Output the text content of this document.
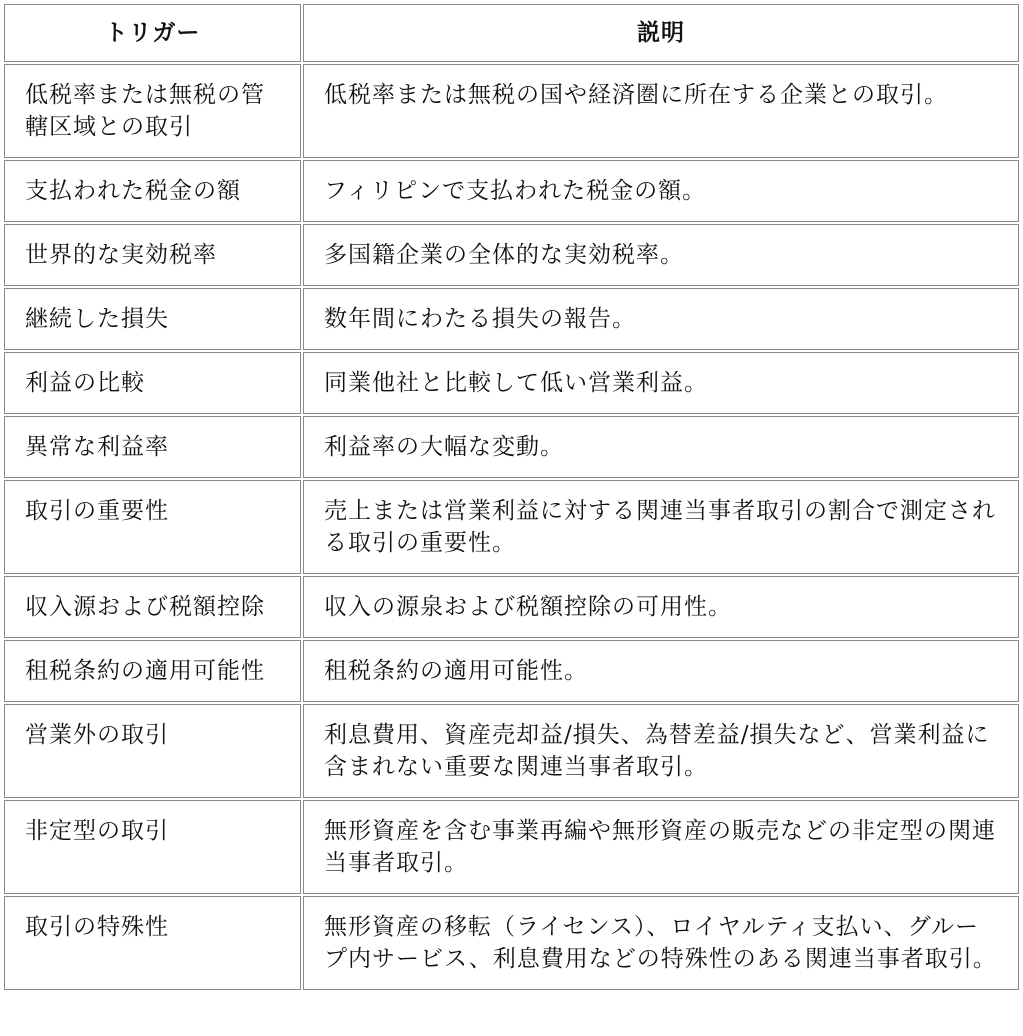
トリガー	説明
低税率または無税の管轄区域との取引	低税率または無税の国や経済圏に所在する企業との取引。
支払われた税金の額	フィリピンで支払われた税金の額。
世界的な実効税率	多国籍企業の全体的な実効税率。
継続した損失	数年間にわたる損失の報告。
利益の比較	同業他社と比較して低い営業利益。
異常な利益率	利益率の大幅な変動。
取引の重要性	売上または営業利益に対する関連当事者取引の割合で測定される取引の重要性。
収入源および税額控除	収入の源泉および税額控除の可用性。
租税条約の適用可能性	租税条約の適用可能性。
営業外の取引	利息費用、資産売却益/損失、為替差益/損失など、営業利益に含まれない重要な関連当事者取引。
非定型の取引	無形資産を含む事業再編や無形資産の販売などの非定型の関連当事者取引。
取引の特殊性	無形資産の移転（ライセンス）、ロイヤルティ支払い、グループ内サービス、利息費用などの特殊性のある関連当事者取引。
